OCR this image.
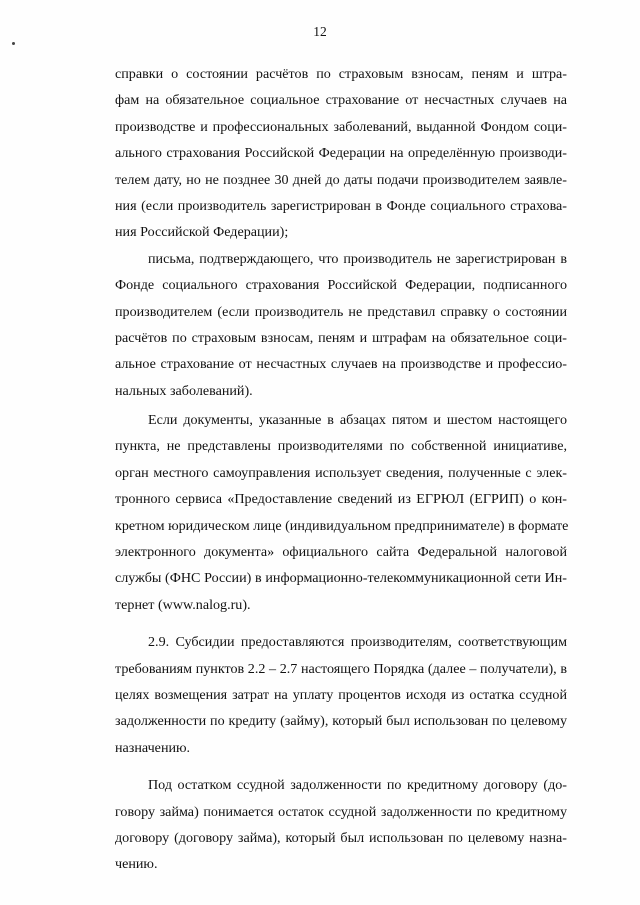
12
справки о состоянии расчётов по страховым взносам, пеням и штра-
фам на обязательное социальное страхование от несчастных случаев на
производстве и профессиональных заболеваний, выданной Фондом соци-
ального страхования Российской Федерации на определённую производи-
телем дату, но не позднее 30 дней до даты подачи производителем заявле-
ния (если производитель зарегистрирован в Фонде социального страхова-
ния Российской Федерации);
письма, подтверждающего, что производитель не зарегистрирован в
Фонде социального страхования Российской Федерации, подписанного
производителем (если производитель не представил справку о состоянии
расчётов по страховым взносам, пеням и штрафам на обязательное соци-
альное страхование от несчастных случаев на производстве и профессио-
нальных заболеваний).
Если документы, указанные в абзацах пятом и шестом настоящего
пункта, не представлены производителями по собственной инициативе,
орган местного самоуправления использует сведения, полученные с элек-
тронного сервиса «Предоставление сведений из ЕГРЮЛ (ЕГРИП) о кон-
кретном юридическом лице (индивидуальном предпринимателе) в формате
электронного документа» официального сайта Федеральной налоговой
службы (ФНС России) в информационно-телекоммуникационной сети Ин-
тернет (www.nalog.ru).
2.9. Субсидии предоставляются производителям, соответствующим
требованиям пунктов 2.2 – 2.7 настоящего Порядка (далее – получатели), в
целях возмещения затрат на уплату процентов исходя из остатка ссудной
задолженности по кредиту (займу), который был использован по целевому
назначению.
Под остатком ссудной задолженности по кредитному договору (до-
говору займа) понимается остаток ссудной задолженности по кредитному
договору (договору займа), который был использован по целевому назна-
чению.
